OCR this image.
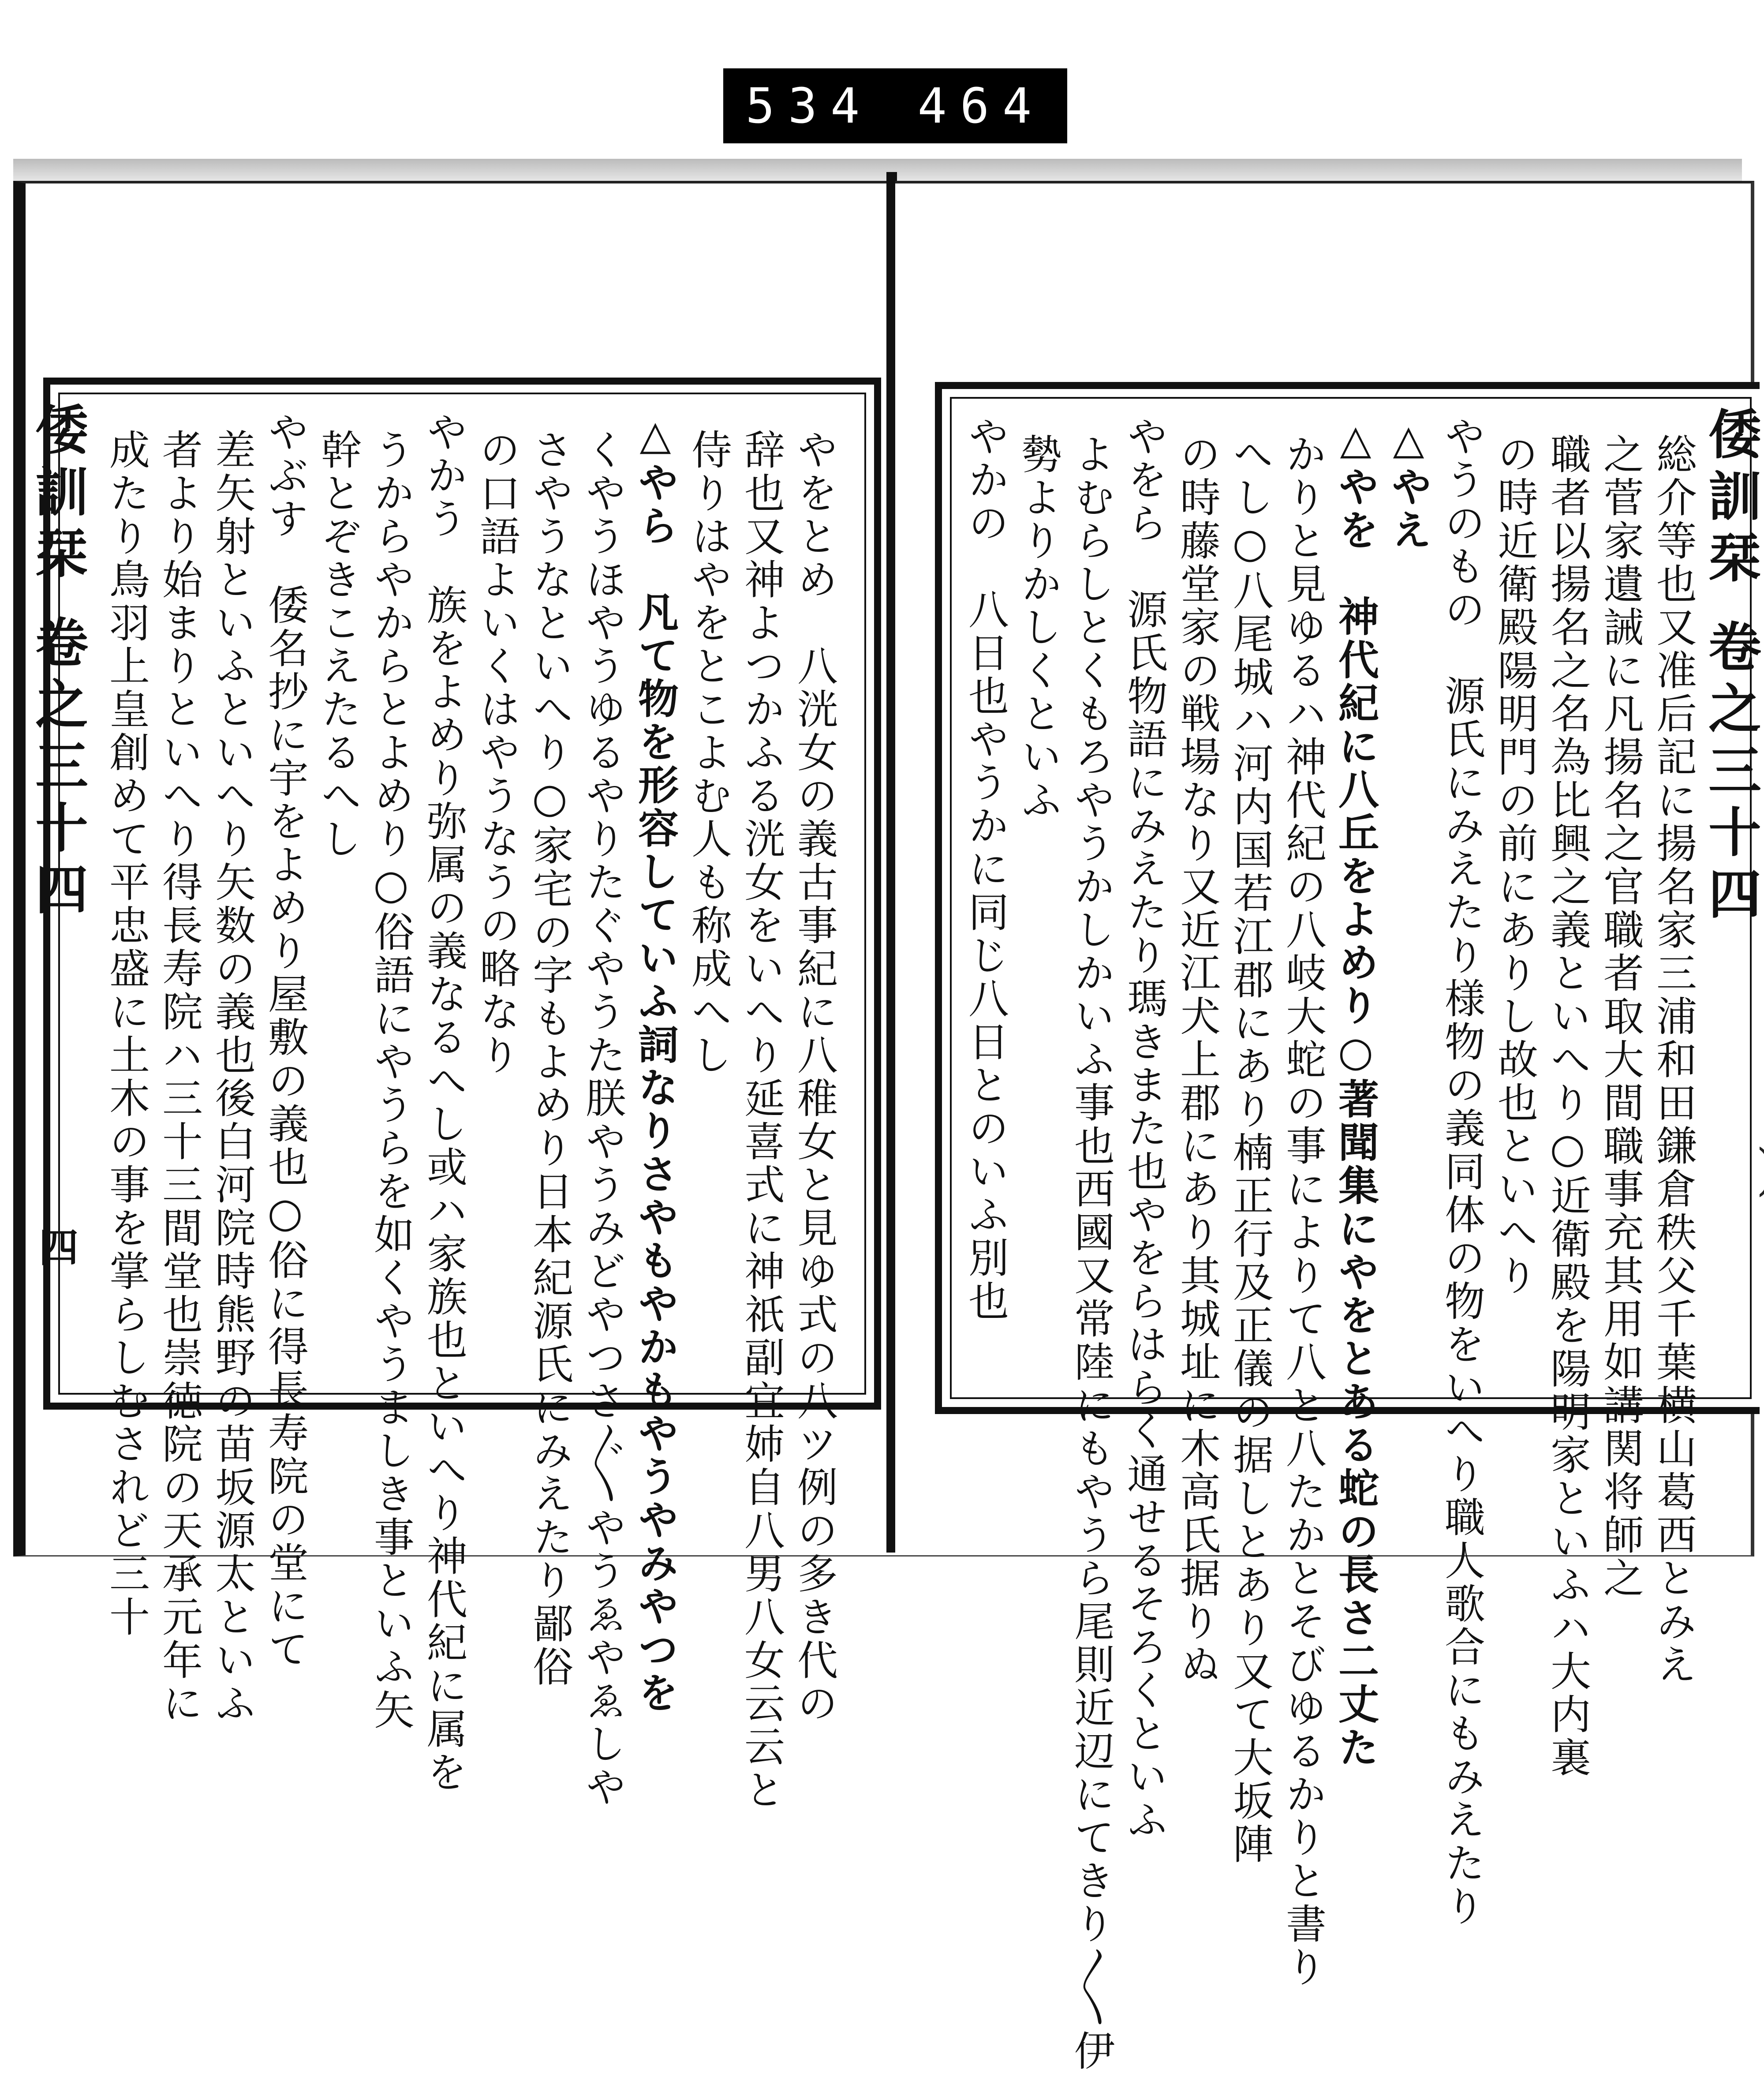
534 464
倭訓栞 卷之三十四	やをとめ　八洸女の義古事紀に八稚女と見ゆ式の八ツ例の多き代の
辞也又神よつかふる洸女をいへり延喜式に神祇副宜姉自八男八女云云と
侍りはやをとこよむ人も称成へし
△やら　凡て物を形容していふ詞なりさやもやかもやうやみやつを
くやうほやうゆるやりたぐやうた朕やうみどやつさ〴〵やうゑやゑしや
さやうなといへり○家宅の字もよめり日本紀源氏にみえたり鄙俗
の口語よいくはやうなうの略なり
やかう　族をよめり弥属の義なるへし或ハ家族也といへり神代紀に属を
うからやからとよめり○俗語にやうらを如くやうましき事といふ矢
幹とぞきこえたるへし
やぶす　倭名抄に宇をよめり屋敷の義也○俗に得長寿院の堂にて
差矢射といふといへり矢数の義也後白河院時熊野の苗坂源太といふ
者より始まりといへり得長寿院ハ三十三間堂也崇徳院の天承元年に
成たり鳥羽上皇創めて平忠盛に土木の事を掌らしむされど三十
四
倭訓栞 卷之三十四
総介等也又准后記に揚名家三浦和田鎌倉秩父千葉横山葛西とみえ
之菅家遺誡に凡揚名之官職者取大間職事充其用如講関将師之
職者以揚名之名為比興之義といへり○近衛殿を陽明家といふハ大内裏
の時近衛殿陽明門の前にありし故也といへり
やうのもの　源氏にみえたり様物の義同体の物をいへり職人歌合にもみえたり
△やえ
△やを　神代紀に八丘をよめり○著聞集にやをとある蛇の長さ二丈た
かりと見ゆるハ神代紀の八岐大蛇の事によりて八と八たかとそびゆるかりと書り
へし○八尾城ハ河内国若江郡にあり楠正行及正儀の据しとあり又て大坂陣
の時藤堂家の戦場なり又近江犬上郡にあり其城址に木高氏据りぬ
やをら　源氏物語にみえたり瑪きまた也やをらはらく通せるそろくといふ
よむらしとくもろやうかしかいふ事也西國又常陸にもやうら尾則近辺にてきり〳〵伊
勢よりかしくといふ
やかの　八日也やうかに同じ八日とのいふ別也
